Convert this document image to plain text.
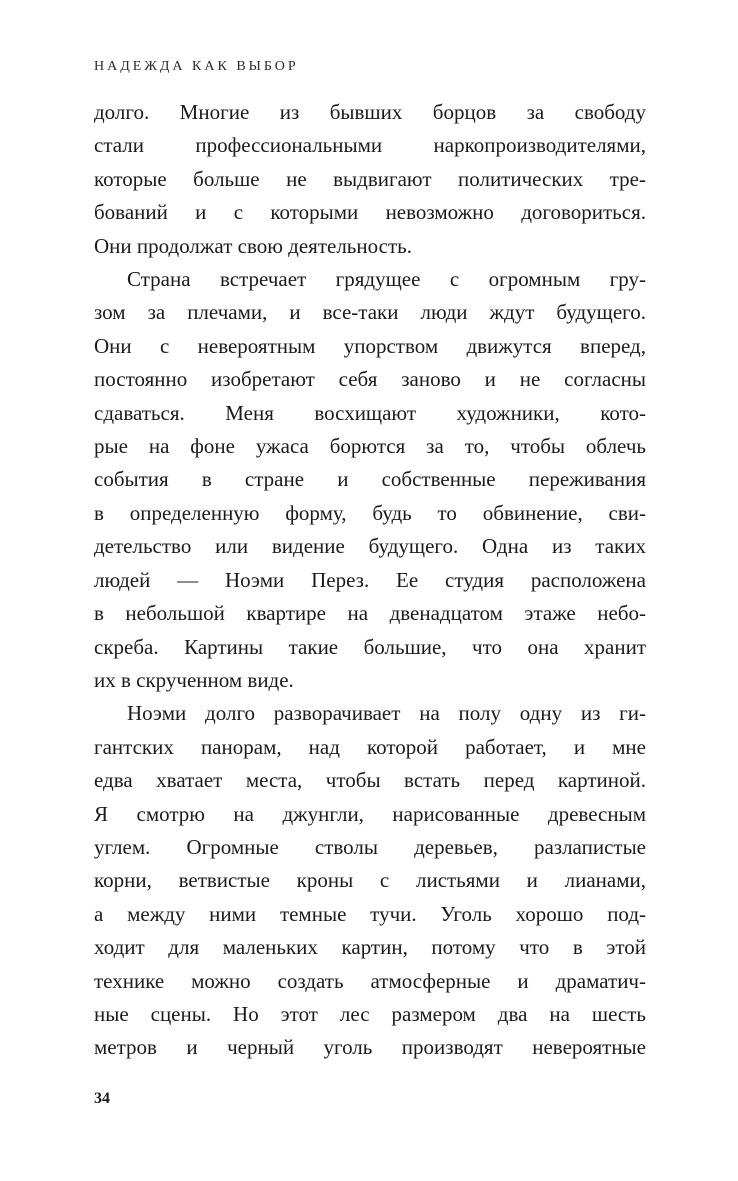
НАДЕЖДА КАК ВЫБОР
долго. Многие из бывших борцов за свободу
стали профессиональными наркопроизводителями,
которые больше не выдвигают политических тре-
бований и с которыми невозможно договориться.
Они продолжат свою деятельность.
Страна встречает грядущее с огромным гру-
зом за плечами, и все-таки люди ждут будущего.
Они с невероятным упорством движутся вперед,
постоянно изобретают себя заново и не согласны
сдаваться. Меня восхищают художники, кото-
рые на фоне ужаса борются за то, чтобы облечь
события в стране и собственные переживания
в определенную форму, будь то обвинение, сви-
детельство или видение будущего. Одна из таких
людей — Ноэми Перез. Ее студия расположена
в небольшой квартире на двенадцатом этаже небо-
скреба. Картины такие большие, что она хранит
их в скрученном виде.
Ноэми долго разворачивает на полу одну из ги-
гантских панорам, над которой работает, и мне
едва хватает места, чтобы встать перед картиной.
Я смотрю на джунгли, нарисованные древесным
углем. Огромные стволы деревьев, разлапистые
корни, ветвистые кроны с листьями и лианами,
а между ними темные тучи. Уголь хорошо под-
ходит для маленьких картин, потому что в этой
технике можно создать атмосферные и драматич-
ные сцены. Но этот лес размером два на шесть
метров и черный уголь производят невероятные
34
